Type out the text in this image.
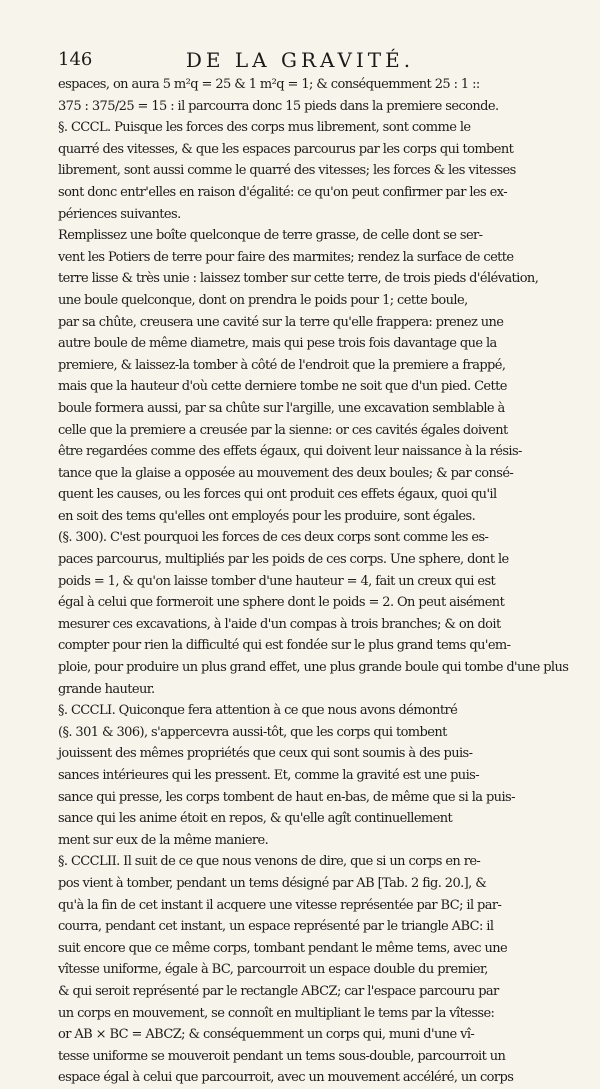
146	DE LA GRAVITÉ.
espaces, on aura 5 m²q = 25 & 1 m²q = 1; & conséquemment 25 : 1 ::
375 : 375/25 = 15 : il parcourra donc 15 pieds dans la premiere seconde.
§. CCCL. Puisque les forces des corps mus librement, sont comme le
quarré des vitesses, & que les espaces parcourus par les corps qui tombent
librement, sont aussi comme le quarré des vitesses; les forces & les vitesses
sont donc entr'elles en raison d'égalité: ce qu'on peut confirmer par les ex-
périences suivantes.
Remplissez une boîte quelconque de terre grasse, de celle dont se ser-
vent les Potiers de terre pour faire des marmites; rendez la surface de cette
terre lisse & très unie : laissez tomber sur cette terre, de trois pieds d'élévation,
une boule quelconque, dont on prendra le poids pour 1; cette boule,
par sa chûte, creusera une cavité sur la terre qu'elle frappera: prenez une
autre boule de même diametre, mais qui pese trois fois davantage que la
premiere, & laissez-la tomber à côté de l'endroit que la premiere a frappé,
mais que la hauteur d'où cette derniere tombe ne soit que d'un pied. Cette
boule formera aussi, par sa chûte sur l'argille, une excavation semblable à
celle que la premiere a creusée par la sienne: or ces cavités égales doivent
être regardées comme des effets égaux, qui doivent leur naissance à la résis-
tance que la glaise a opposée au mouvement des deux boules; & par consé-
quent les causes, ou les forces qui ont produit ces effets égaux, quoi qu'il
en soit des tems qu'elles ont employés pour les produire, sont égales.
(§. 300). C'est pourquoi les forces de ces deux corps sont comme les es-
paces parcourus, multipliés par les poids de ces corps. Une sphere, dont le
poids = 1, & qu'on laisse tomber d'une hauteur = 4, fait un creux qui est
égal à celui que formeroit une sphere dont le poids = 2. On peut aisément
mesurer ces excavations, à l'aide d'un compas à trois branches; & on doit
compter pour rien la difficulté qui est fondée sur le plus grand tems qu'em-
ploie, pour produire un plus grand effet, une plus grande boule qui tombe d'une plus
grande hauteur.
§. CCCLI. Quiconque fera attention à ce que nous avons démontré
(§. 301 & 306), s'appercevra aussi-tôt, que les corps qui tombent
jouissent des mêmes propriétés que ceux qui sont soumis à des puis-
sances intérieures qui les pressent. Et, comme la gravité est une puis-
sance qui presse, les corps tombent de haut en-bas, de même que si la puis-
sance qui les anime étoit en repos, & qu'elle agît continuellement
ment sur eux de la même maniere.
§. CCCLII. Il suit de ce que nous venons de dire, que si un corps en re-
pos vient à tomber, pendant un tems désigné par AB [Tab. 2 fig. 20.], &
qu'à la fin de cet instant il acquere une vitesse représentée par BC; il par-
courra, pendant cet instant, un espace représenté par le triangle ABC: il
suit encore que ce même corps, tombant pendant le même tems, avec une
vîtesse uniforme, égale à BC, parcourroit un espace double du premier,
& qui seroit représenté par le rectangle ABCZ; car l'espace parcouru par
un corps en mouvement, se connoît en multipliant le tems par la vîtesse:
or AB × BC = ABCZ; & conséquemment un corps qui, muni d'une vî-
tesse uniforme se mouveroit pendant un tems sous-double, parcourroit un
espace égal à celui que parcourroit, avec un mouvement accéléré, un corps
